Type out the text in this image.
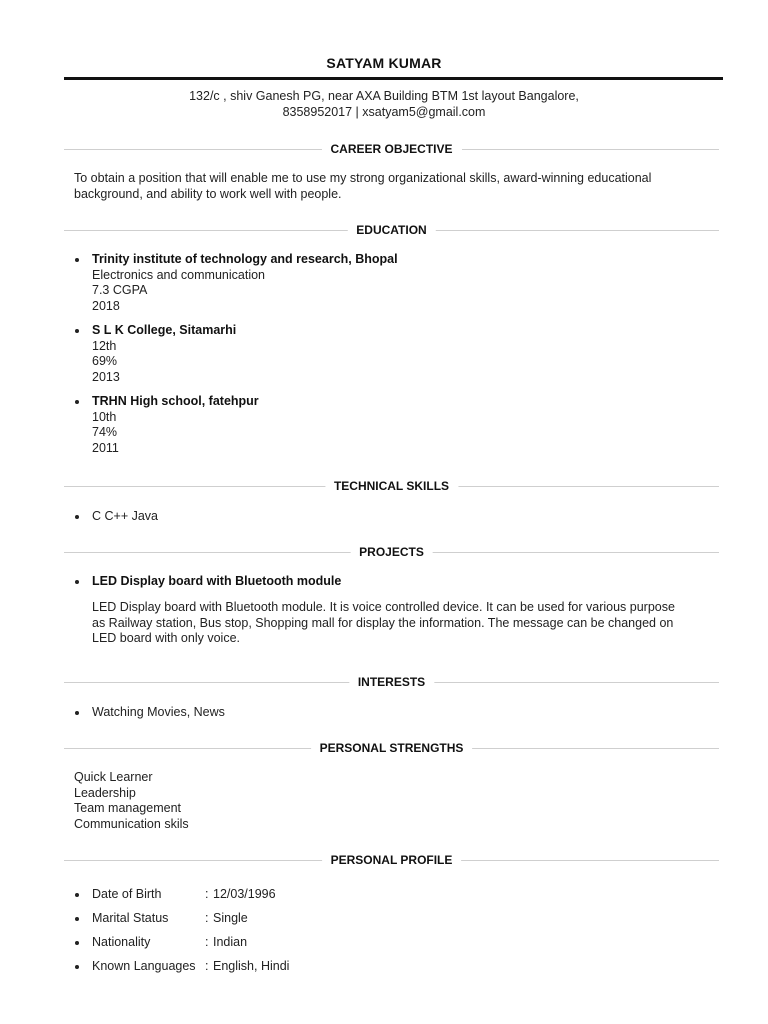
SATYAM KUMAR
132/c , shiv Ganesh PG, near AXA Building BTM 1st layout Bangalore,
8358952017 | xsatyam5@gmail.com
CAREER OBJECTIVE
To obtain a position that will enable me to use my strong organizational skills, award-winning educational
background, and ability to work well with people.
EDUCATION
Trinity institute of technology and research, Bhopal
Electronics and communication
7.3 CGPA
2018
S L K College, Sitamarhi
12th
69%
2013
TRHN High school, fatehpur
10th
74%
2011
TECHNICAL SKILLS
C C++ Java
PROJECTS
LED Display board with Bluetooth module
LED Display board with Bluetooth module. It is voice controlled device. It can be used for various purpose
as Railway station, Bus stop, Shopping mall for display the information. The message can be changed on
LED board with only voice.
INTERESTS
Watching Movies, News
PERSONAL STRENGTHS
Quick Learner
Leadership
Team management
Communication skils
PERSONAL PROFILE
Date of Birth	: 12/03/1996
Marital Status	: Single
Nationality	: Indian
Known Languages : English, Hindi
